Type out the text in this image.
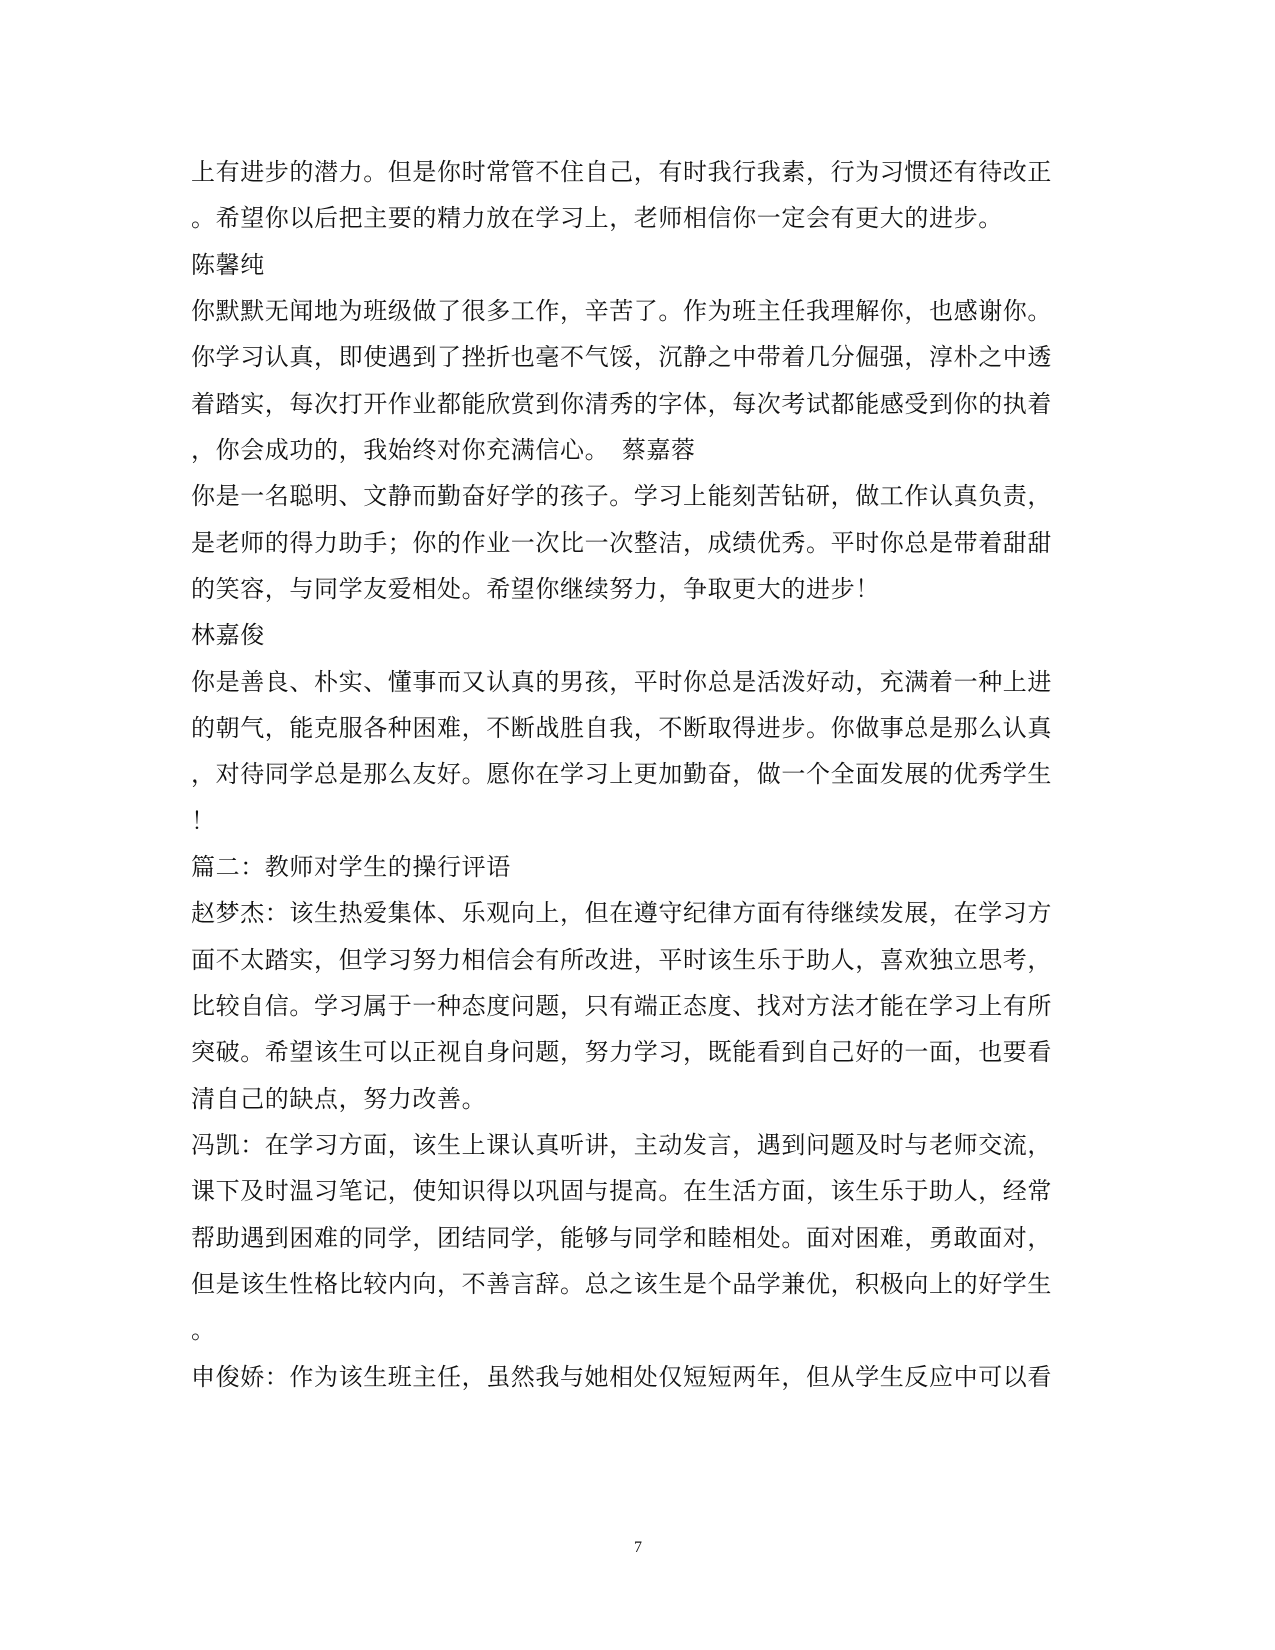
上有进步的潜力。但是你时常管不住自己，有时我行我素，行为习惯还有待改正
。希望你以后把主要的精力放在学习上，老师相信你一定会有更大的进步。
陈馨纯
你默默无闻地为班级做了很多工作，辛苦了。作为班主任我理解你，也感谢你。
你学习认真，即使遇到了挫折也毫不气馁，沉静之中带着几分倔强，淳朴之中透
着踏实，每次打开作业都能欣赏到你清秀的字体，每次考试都能感受到你的执着
，你会成功的，我始终对你充满信心。　蔡嘉蓉
你是一名聪明、文静而勤奋好学的孩子。学习上能刻苦钻研，做工作认真负责，
是老师的得力助手；你的作业一次比一次整洁，成绩优秀。平时你总是带着甜甜
的笑容，与同学友爱相处。希望你继续努力，争取更大的进步！
林嘉俊
你是善良、朴实、懂事而又认真的男孩，平时你总是活泼好动，充满着一种上进
的朝气，能克服各种困难，不断战胜自我，不断取得进步。你做事总是那么认真
，对待同学总是那么友好。愿你在学习上更加勤奋，做一个全面发展的优秀学生
！
篇二：教师对学生的操行评语
赵梦杰：该生热爱集体、乐观向上，但在遵守纪律方面有待继续发展，在学习方
面不太踏实，但学习努力相信会有所改进，平时该生乐于助人，喜欢独立思考，
比较自信。学习属于一种态度问题，只有端正态度、找对方法才能在学习上有所
突破。希望该生可以正视自身问题，努力学习，既能看到自己好的一面，也要看
清自己的缺点，努力改善。
冯凯：在学习方面，该生上课认真听讲，主动发言，遇到问题及时与老师交流，
课下及时温习笔记，使知识得以巩固与提高。在生活方面，该生乐于助人，经常
帮助遇到困难的同学，团结同学，能够与同学和睦相处。面对困难，勇敢面对，
但是该生性格比较内向，不善言辞。总之该生是个品学兼优，积极向上的好学生
。
申俊娇：作为该生班主任，虽然我与她相处仅短短两年，但从学生反应中可以看
7
